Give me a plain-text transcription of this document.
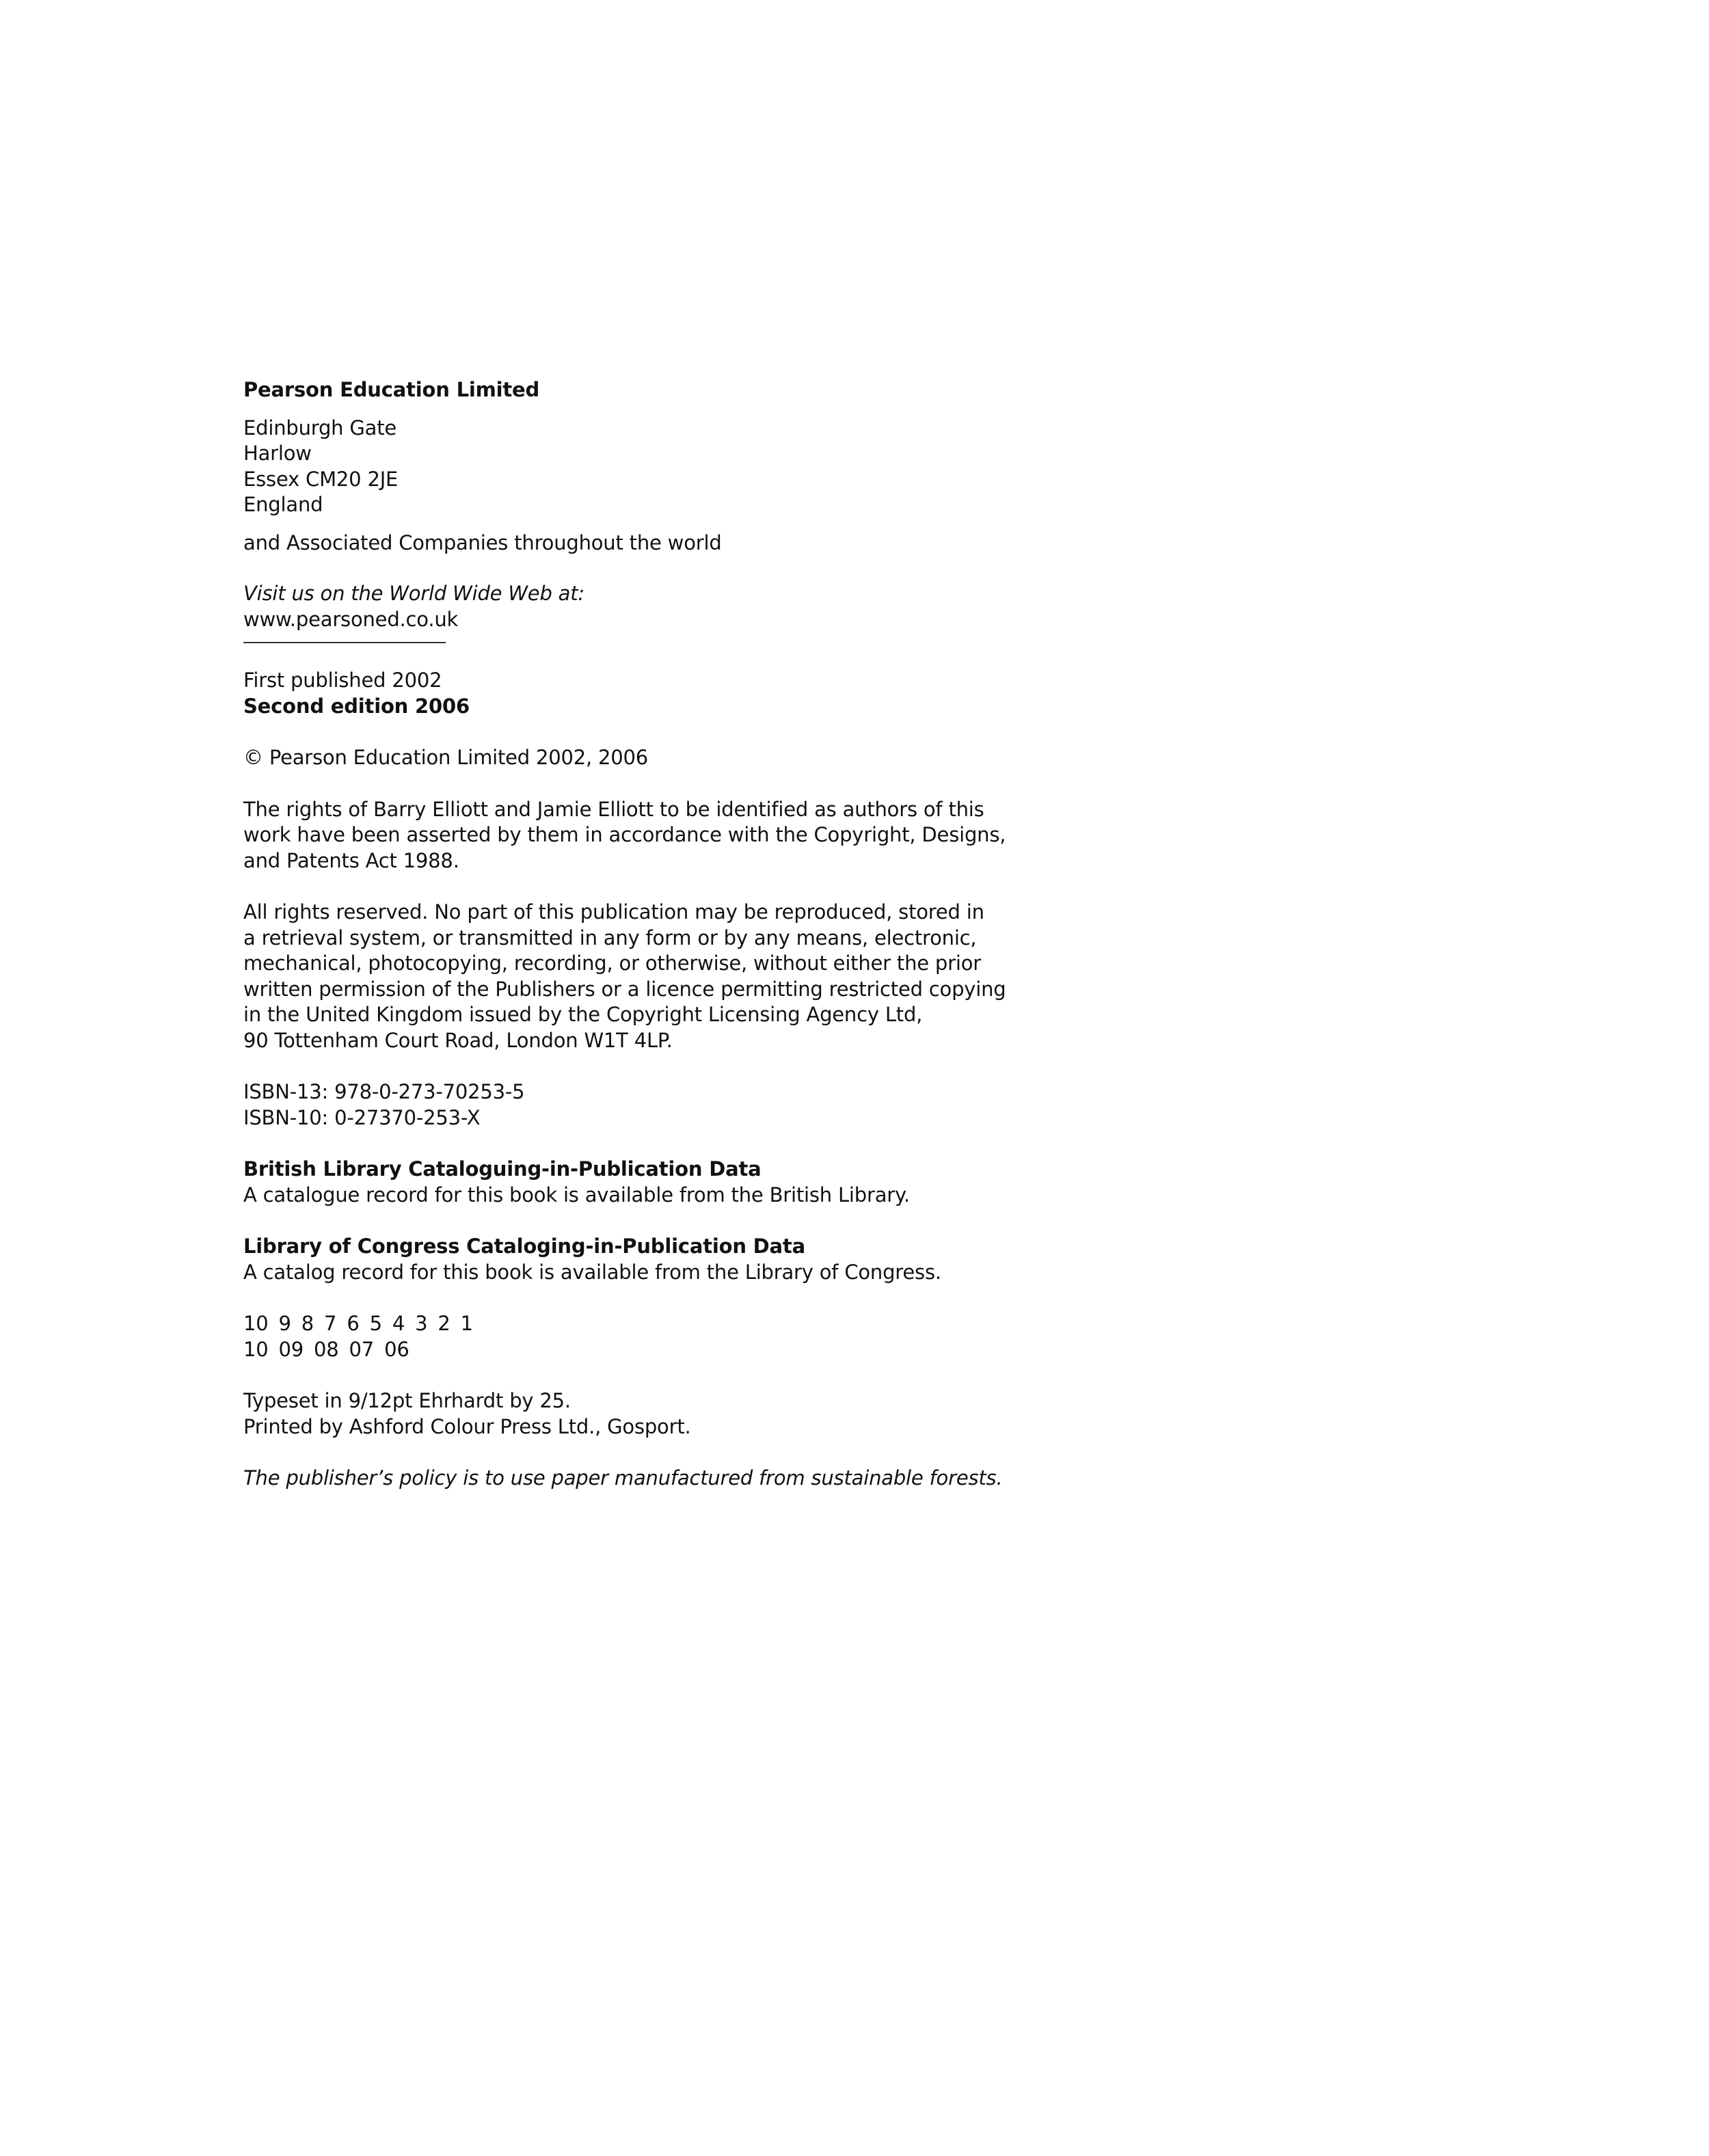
Pearson Education Limited
Edinburgh Gate
Harlow
Essex CM20 2JE
England
and Associated Companies throughout the world
Visit us on the World Wide Web at:
www.pearsoned.co.uk
First published 2002
Second edition 2006
© Pearson Education Limited 2002, 2006
The rights of Barry Elliott and Jamie Elliott to be identified as authors of this
work have been asserted by them in accordance with the Copyright, Designs,
and Patents Act 1988.
All rights reserved. No part of this publication may be reproduced, stored in
a retrieval system, or transmitted in any form or by any means, electronic,
mechanical, photocopying, recording, or otherwise, without either the prior
written permission of the Publishers or a licence permitting restricted copying
in the United Kingdom issued by the Copyright Licensing Agency Ltd,
90 Tottenham Court Road, London W1T 4LP.
ISBN-13: 978-0-273-70253-5
ISBN-10: 0-27370-253-X
British Library Cataloguing-in-Publication Data
A catalogue record for this book is available from the British Library.
Library of Congress Cataloging-in-Publication Data
A catalog record for this book is available from the Library of Congress.
10 9 8 7 6 5 4 3 2 1
10 09 08 07 06
Typeset in 9/12pt Ehrhardt by 25.
Printed by Ashford Colour Press Ltd., Gosport.
The publisher’s policy is to use paper manufactured from sustainable forests.
